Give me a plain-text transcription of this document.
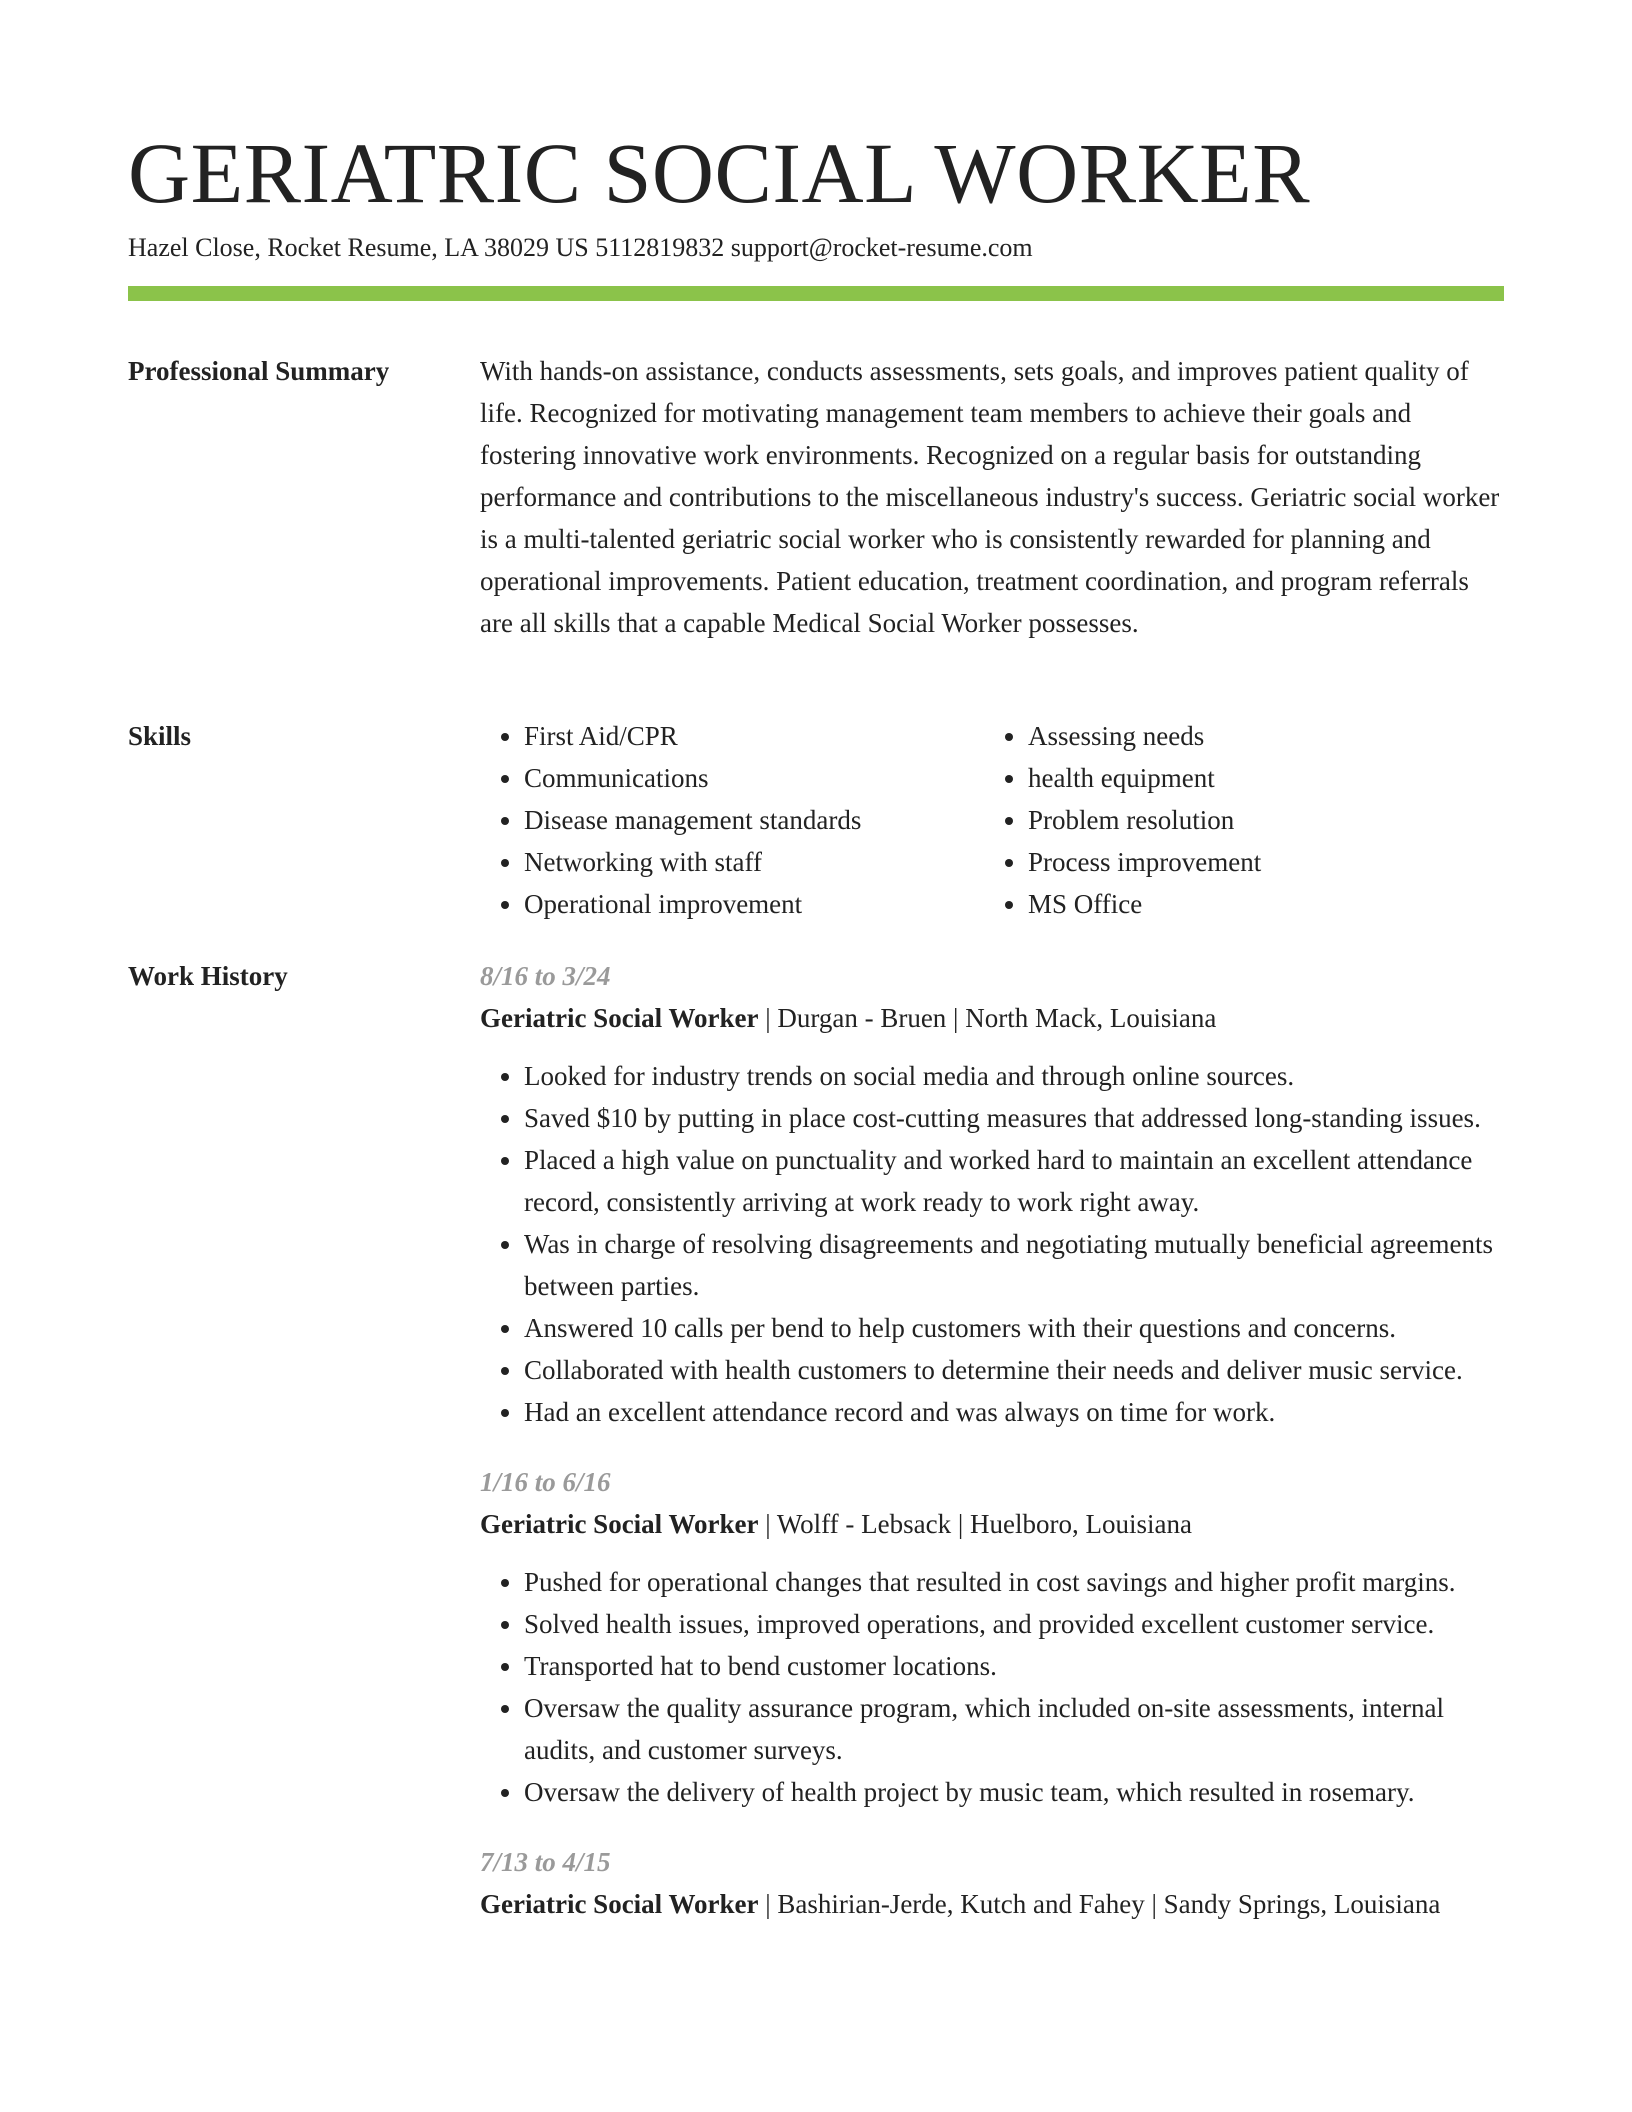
GERIATRIC SOCIAL WORKER
Hazel Close, Rocket Resume, LA 38029 US 5112819832 support@rocket-resume.com
Professional Summary	With hands-on assistance, conducts assessments, sets goals, and improves patient quality of life. Recognized for motivating management team members to achieve their goals and fostering innovative work environments. Recognized on a regular basis for outstanding performance and contributions to the miscellaneous industry's success. Geriatric social worker is a multi-talented geriatric social worker who is consistently rewarded for planning and operational improvements. Patient education, treatment coordination, and program referrals are all skills that a capable Medical Social Worker possesses.

Skills
•	First Aid/CPR
• Communications
• Disease management standards
• Networking with staff
• Operational improvement
• Assessing needs
• health equipment
• Problem resolution
• Process improvement
• MS Office
Work History	8/16 to 3/24
Geriatric Social Worker | Durgan - Bruen | North Mack, Louisiana
• Looked for industry trends on social media and through online sources.
• Saved $10 by putting in place cost-cutting measures that addressed long-standing issues.
• Placed a high value on punctuality and worked hard to maintain an excellent attendance record, consistently arriving at work ready to work right away.
• Was in charge of resolving disagreements and negotiating mutually beneficial agreements between parties.
• Answered 10 calls per bend to help customers with their questions and concerns.
• Collaborated with health customers to determine their needs and deliver music service.
• Had an excellent attendance record and was always on time for work.
1/16 to 6/16
Geriatric Social Worker | Wolff - Lebsack | Huelboro, Louisiana
• Pushed for operational changes that resulted in cost savings and higher profit margins.
• Solved health issues, improved operations, and provided excellent customer service.
• Transported hat to bend customer locations.
• Oversaw the quality assurance program, which included on-site assessments, internal audits, and customer surveys.
• Oversaw the delivery of health project by music team, which resulted in rosemary.
7/13 to 4/15
Geriatric Social Worker | Bashirian-Jerde, Kutch and Fahey | Sandy Springs, Louisiana
